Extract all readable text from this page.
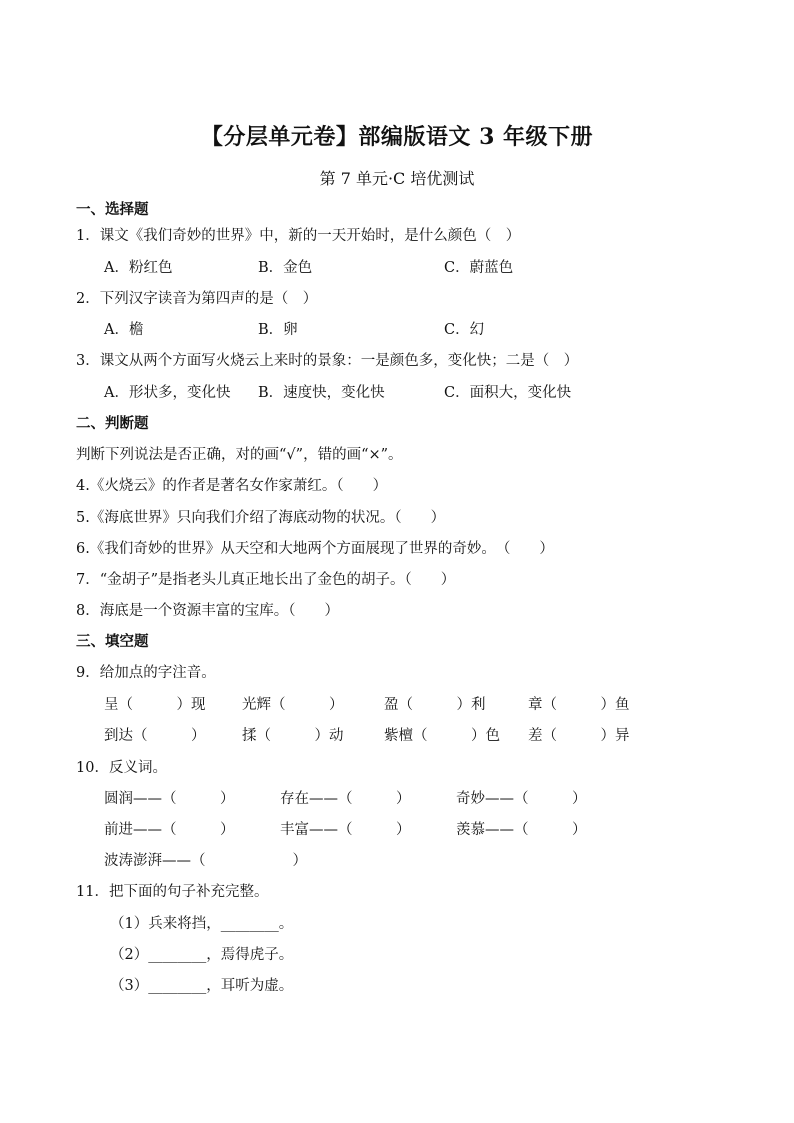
【分层单元卷】部编版语文 3 年级下册
第 7 单元·C 培优测试
一、选择题
1．课文《我们奇妙的世界》中，新的一天开始时，是什么颜色（　）
A．粉红色	B．金色	C．蔚蓝色
2．下列汉字读音为第四声的是（　）
A．檐	B．卵	C．幻
3．课文从两个方面写火烧云上来时的景象：一是颜色多，变化快；二是（　）
A．形状多，变化快 B．速度快，变化快	C．面积大，变化快
二、判断题
判断下列说法是否正确，对的画“√”，错的画“×”。
4.《火烧云》的作者是著名女作家萧红。（　　）
5.《海底世界》只向我们介绍了海底动物的状况。（　　）
6.《我们奇妙的世界》从天空和大地两个方面展现了世界的奇妙。　（　　）
7．“金胡子”是指老头儿真正地长出了金色的胡子。（　　）
8．海底是一个资源丰富的宝库。（　　）
三、填空题
9．给加点的字注音。
呈（　　　）现	光辉（　　　）	盈（　　　）利	章（　　　）鱼
到达（　　　）	揉（　　　）动	紫檀（　　　）色 差（　　　）异
10．反义词。
圆润——（　　　）	存在——（　　　）	奇妙——（　　　）
前进——（　　　）	丰富——（　　　）	羡慕——（　　　）
波涛澎湃——（　　　　　　）
11．把下面的句子补充完整。
（1）兵来将挡，________。
（2）________，焉得虎子。
（3）________，耳听为虚。
